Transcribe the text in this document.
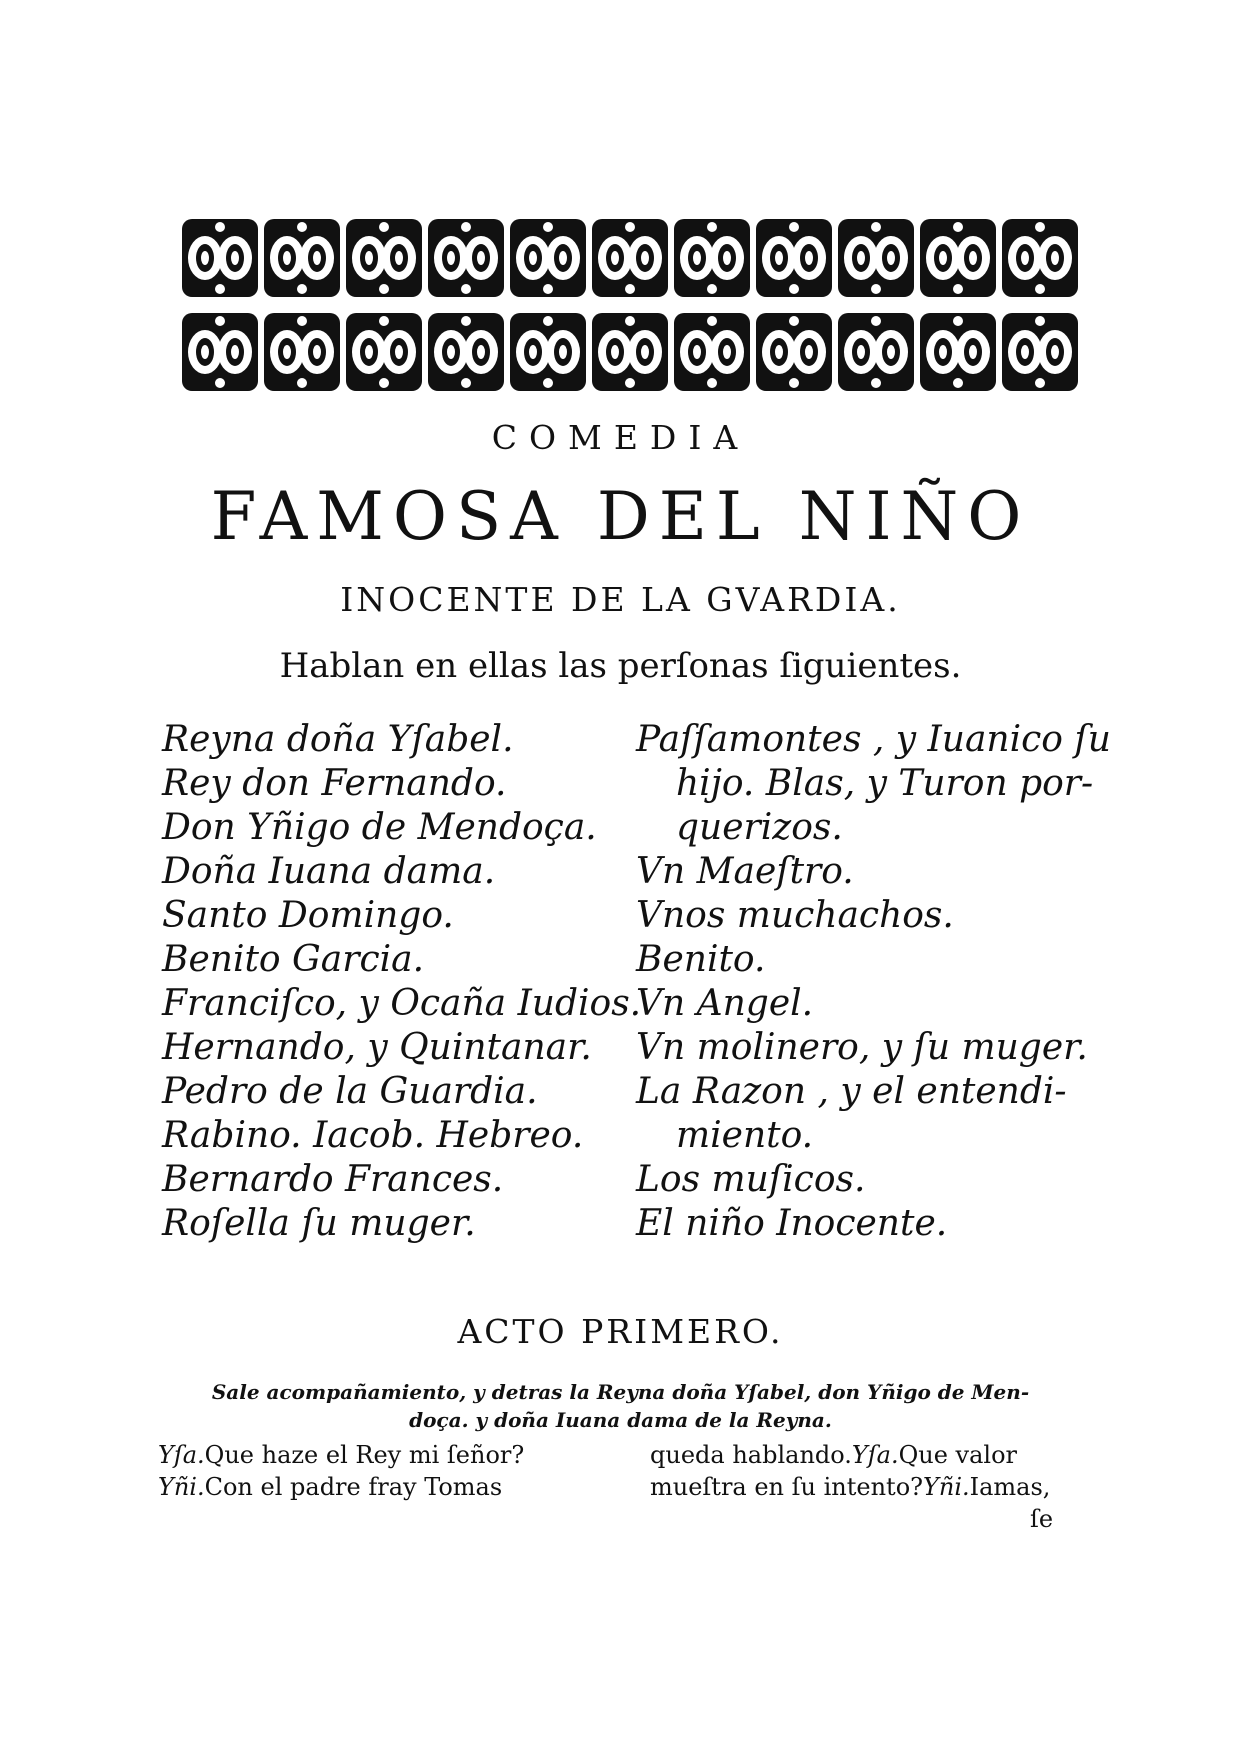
COMEDIA
FAMOSA DEL NIÑO
INOCENTE DE LA GVARDIA.
Hablan en ellas las perſonas ſiguientes.
Reyna doña Yſabel.
Rey don Fernando.
Don Yñigo de Mendoça.
Doña Iuana dama.
Santo Domingo.
Benito Garcia.
Franciſco, y Ocaña Iudios.
Hernando, y Quintanar.
Pedro de la Guardia.
Rabino. Iacob. Hebreo.
Bernardo Frances.
Roſella ſu muger.
Paſſamontes , y Iuanico ſu
hijo. Blas, y Turon por-
querizos.
Vn Maeſtro.
Vnos muchachos.
Benito.
Vn Angel.
Vn molinero, y ſu muger.
La Razon , y el entendi-
miento.
Los muſicos.
El niño Inocente.
ACTO PRIMERO.
Sale acompañamiento, y detras la Reyna doña Yſabel, don Yñigo de Men-
doça. y doña Iuana dama de la Reyna.
Yſa.Que haze el Rey mi ſeñor?
Yñi.Con el padre fray Tomas
queda hablando.Yſa.Que valor
mueſtra en ſu intento?Yñi.Iamas,
ſe
